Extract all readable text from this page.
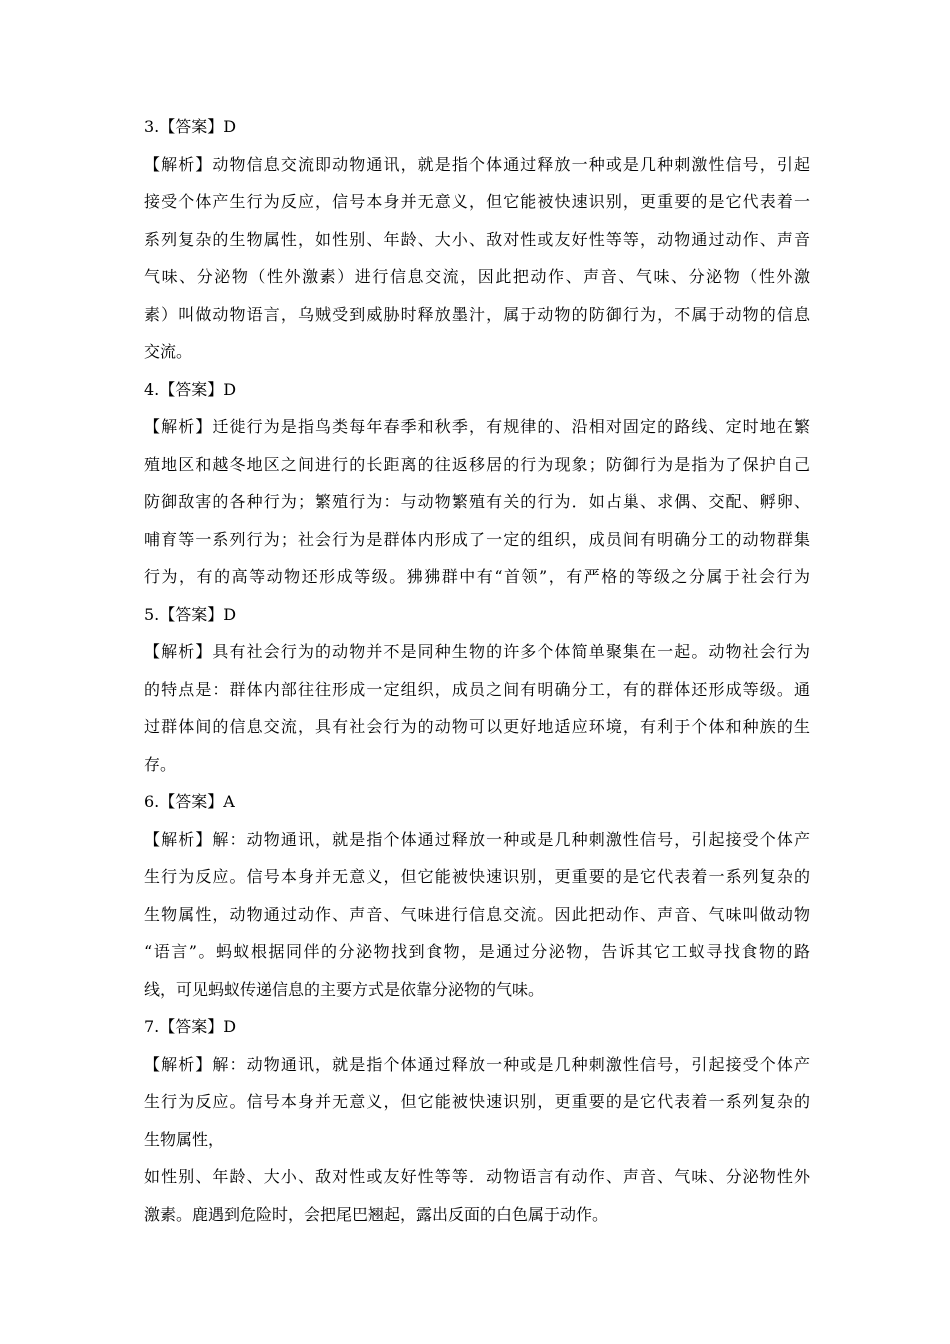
3.【答案】D
【解析】动物信息交流即动物通讯，就是指个体通过释放一种或是几种刺激性信号，引起
接受个体产生行为反应，信号本身并无意义，但它能被快速识别，更重要的是它代表着一
系列复杂的生物属性，如性别、年龄、大小、敌对性或友好性等等，动物通过动作、声音
气味、分泌物（性外激素）进行信息交流，因此把动作、声音、气味、分泌物（性外激
素）叫做动物语言，乌贼受到威胁时释放墨汁，属于动物的防御行为，不属于动物的信息
交流。
4.【答案】D
【解析】迁徙行为是指鸟类每年春季和秋季，有规律的、沿相对固定的路线、定时地在繁
殖地区和越冬地区之间进行的长距离的往返移居的行为现象；防御行为是指为了保护自己
防御敌害的各种行为；繁殖行为：与动物繁殖有关的行为．如占巢、求偶、交配、孵卵、
哺育等一系列行为；社会行为是群体内形成了一定的组织，成员间有明确分工的动物群集
行为，有的高等动物还形成等级。狒狒群中有“首领”，有严格的等级之分属于社会行为
5.【答案】D
【解析】具有社会行为的动物并不是同种生物的许多个体简单聚集在一起。动物社会行为
的特点是：群体内部往往形成一定组织，成员之间有明确分工，有的群体还形成等级。通
过群体间的信息交流，具有社会行为的动物可以更好地适应环境，有利于个体和种族的生
存。
6.【答案】A
【解析】解：动物通讯，就是指个体通过释放一种或是几种刺激性信号，引起接受个体产
生行为反应。信号本身并无意义，但它能被快速识别，更重要的是它代表着一系列复杂的
生物属性，动物通过动作、声音、气味进行信息交流。因此把动作、声音、气味叫做动物
“语言”。蚂蚁根据同伴的分泌物找到食物，是通过分泌物，告诉其它工蚁寻找食物的路
线，可见蚂蚁传递信息的主要方式是依靠分泌物的气味。
7.【答案】D
【解析】解：动物通讯，就是指个体通过释放一种或是几种刺激性信号，引起接受个体产
生行为反应。信号本身并无意义，但它能被快速识别，更重要的是它代表着一系列复杂的
生物属性，
如性别、年龄、大小、敌对性或友好性等等．动物语言有动作、声音、气味、分泌物性外
激素。鹿遇到危险时，会把尾巴翘起，露出反面的白色属于动作。
